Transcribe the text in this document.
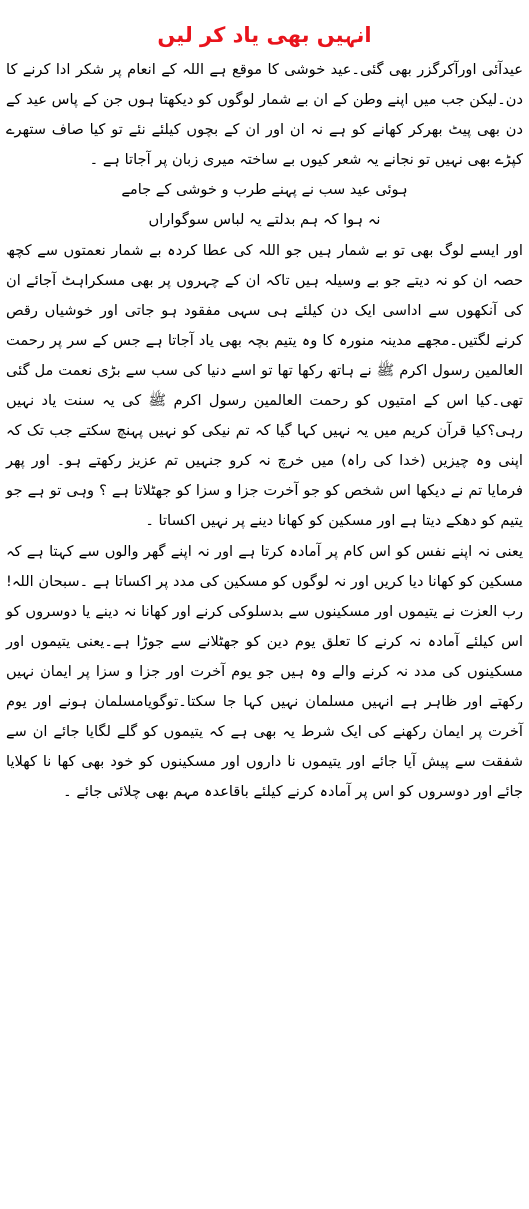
انہیں بھی یاد کر لیں

عیدآئی اورآکرگزر بھی گئی۔عید خوشی کا موقع ہے اللہ کے انعام پر شکر ادا کرنے کا دن۔لیکن جب میں اپنے وطن کے ان بے شمار لوگوں کو دیکھتا ہوں جن کے پاس عید کے دن بھی پیٹ بھرکر کھانے کو ہے نہ ان اور ان کے بچوں کیلئے نئے تو کیا صاف ستھرے کپڑے بھی نہیں تو نجانے یہ شعر کیوں بے ساختہ میری زبان پر آجاتا ہے ۔

ہوئی عید سب نے پہنے طرب و خوشی کے جامے

نہ ہوا کہ ہم بدلتے یہ لباس سوگواراں

اور ایسے لوگ بھی تو بے شمار ہیں جو اللہ کی عطا کردہ بے شمار نعمتوں سے کچھ حصہ ان کو نہ دیتے جو بے وسیلہ ہیں تاکہ ان کے چہروں پر بھی مسکراہٹ آجائے ان کی آنکھوں سے اداسی ایک دن کیلئے ہی سہی مفقود ہو جاتی اور خوشیاں رقص کرنے لگتیں۔مجھے مدینہ منورہ کا وہ یتیم بچہ بھی یاد آجاتا ہے جس کے سر پر رحمت العالمین رسول اکرم ﷺ نے ہاتھ رکھا تھا تو اسے دنیا کی سب سے بڑی نعمت مل گئی تھی۔کیا اس کے امتیوں کو رحمت العالمین رسول اکرم ﷺ کی یہ سنت یاد نہیں رہی؟کیا قرآن کریم میں یہ نہیں کہا گیا کہ تم نیکی کو نہیں پہنچ سکتے جب تک کہ اپنی وہ چیزیں (خدا کی راہ) میں خرچ نہ کرو جنہیں تم عزیز رکھتے ہو۔ اور پھر فرمایا تم نے دیکھا اس شخص کو جو آخرت جزا و سزا کو جھٹلاتا ہے ؟ وہی تو ہے جو یتیم کو دھکے دیتا ہے اور مسکین کو کھانا دینے پر نہیں اکساتا ۔

یعنی نہ اپنے نفس کو اس کام پر آمادہ کرتا ہے اور نہ اپنے گھر والوں سے کہتا ہے کہ مسکین کو کھانا دیا کریں اور نہ لوگوں کو مسکین کی مدد پر اکساتا ہے ۔سبحان اللہ!رب العزت نے یتیموں اور مسکینوں سے بدسلوکی کرنے اور کھانا نہ دینے یا دوسروں کو اس کیلئے آمادہ نہ کرنے کا تعلق یوم دین کو جھٹلانے سے جوڑا ہے۔یعنی یتیموں اور مسکینوں کی مدد نہ کرنے والے وہ ہیں جو یوم آخرت اور جزا و سزا پر ایمان نہیں رکھتے اور ظاہر ہے انہیں مسلمان نہیں کہا جا سکتا۔توگویامسلمان ہونے اور یوم آخرت پر ایمان رکھنے کی ایک شرط یہ بھی ہے کہ یتیموں کو گلے لگایا جائے ان سے شفقت سے پیش آیا جائے اور یتیموں نا داروں اور مسکینوں کو خود بھی کھا نا کھلایا جائے اور دوسروں کو اس پر آمادہ کرنے کیلئے باقاعدہ مہم بھی چلائی جائے ۔
